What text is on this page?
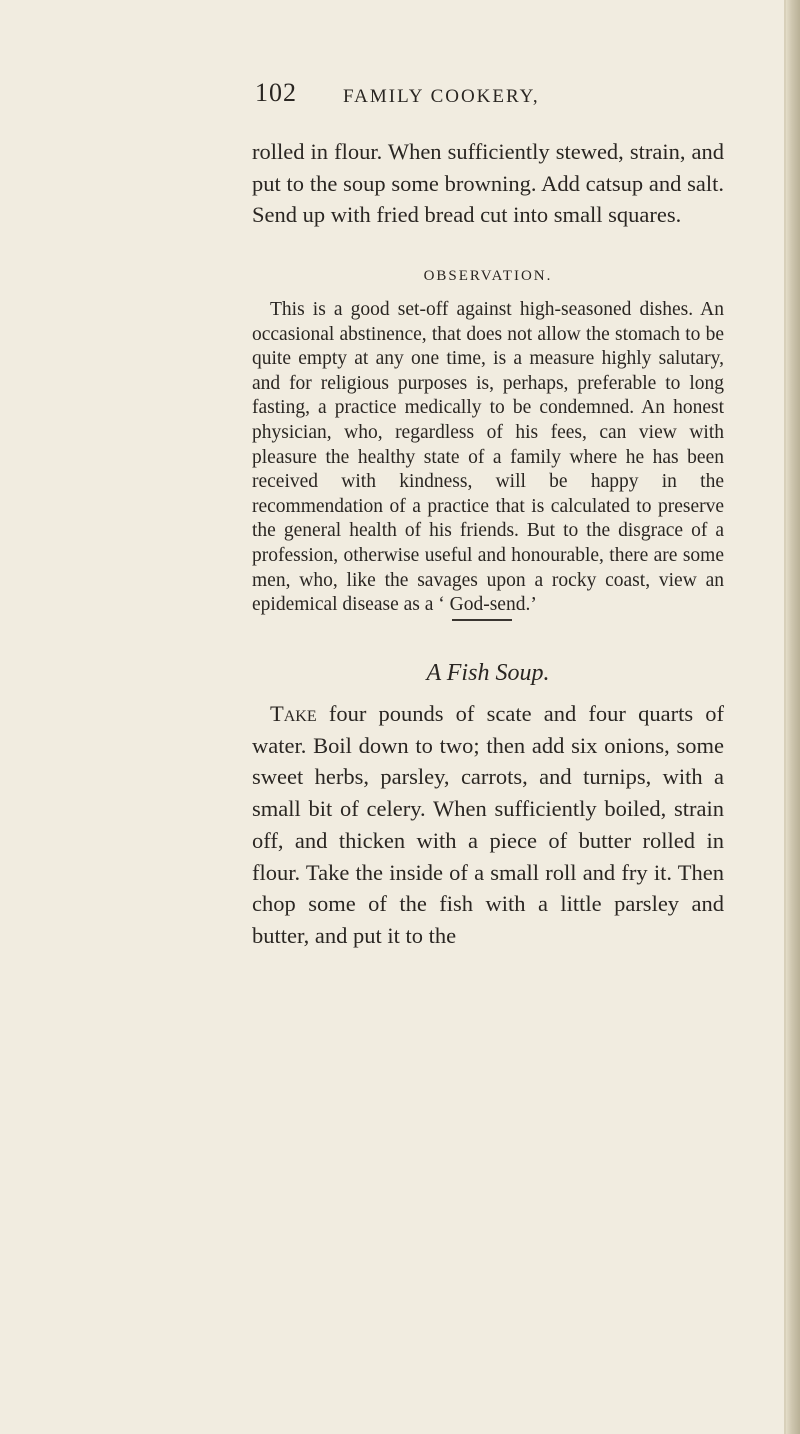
102 FAMILY COOKERY,

rolled in flour. When sufficiently stewed, strain, and put to the soup some browning. Add catsup and salt. Send up with fried bread cut into small squares.

OBSERVATION.

This is a good set-off against high-seasoned dishes. An occasional abstinence, that does not allow the stomach to be quite empty at any one time, is a measure highly salutary, and for religious purposes is, perhaps, preferable to long fasting, a practice medically to be condemned. An honest physician, who, regardless of his fees, can view with pleasure the healthy state of a family where he has been received with kindness, will be happy in the recommendation of a practice that is calculated to preserve the general health of his friends. But to the disgrace of a profession, otherwise useful and honourable, there are some men, who, like the savages upon a rocky coast, view an epidemical disease as a ‘ God-send.’

A Fish Soup.

Take four pounds of scate and four quarts of water. Boil down to two; then add six onions, some sweet herbs, parsley, carrots, and turnips, with a small bit of celery. When sufficiently boiled, strain off, and thicken with a piece of butter rolled in flour. Take the inside of a small roll and fry it. Then chop some of the fish with a little parsley and butter, and put it to the
